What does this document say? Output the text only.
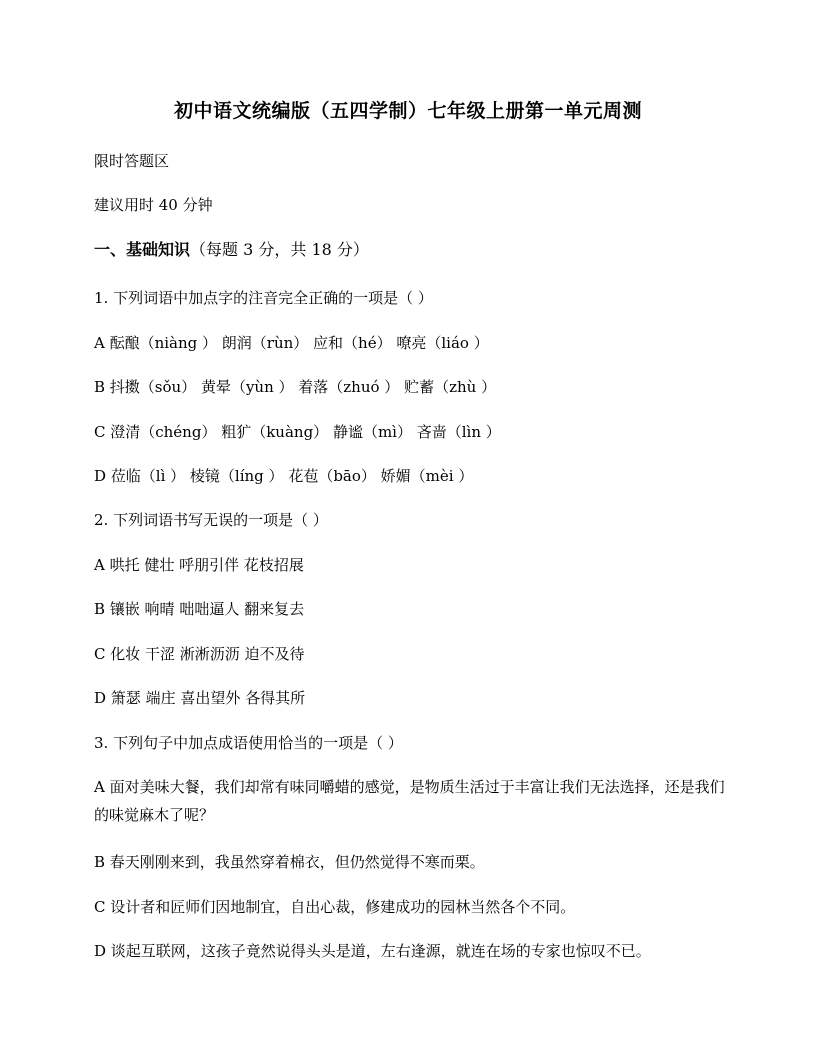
初中语文统编版（五四学制）七年级上册第一单元周测
限时答题区
建议用时 40 分钟
一、基础知识（每题 3 分，共 18 分）
1. 下列词语中加点字的注音完全正确的一项是（ ）
A 酝酿（niàng ） 朗润（rùn） 应和（hé） 嘹亮（liáo ）
B 抖擞（sǒu） 黄晕（yùn ） 着落（zhuó ） 贮蓄（zhù ）
C 澄清（chéng） 粗犷（kuàng） 静谧（mì） 吝啬（lìn ）
D 莅临（lì ） 棱镜（líng ） 花苞（bāo） 娇媚（mèi ）
2. 下列词语书写无误的一项是（ ）
A 哄托 健壮 呼朋引伴 花枝招展
B 镶嵌 响晴 咄咄逼人 翻来复去
C 化妆 干涩 淅淅沥沥 迫不及待
D 箫瑟 端庄 喜出望外 各得其所
3. 下列句子中加点成语使用恰当的一项是（ ）
A 面对美味大餐，我们却常有味同嚼蜡的感觉，是物质生活过于丰富让我们无法选择，还是我们的味觉麻木了呢？
B 春天刚刚来到，我虽然穿着棉衣，但仍然觉得不寒而栗。
C 设计者和匠师们因地制宜，自出心裁，修建成功的园林当然各个不同。
D 谈起互联网，这孩子竟然说得头头是道，左右逢源，就连在场的专家也惊叹不已。
